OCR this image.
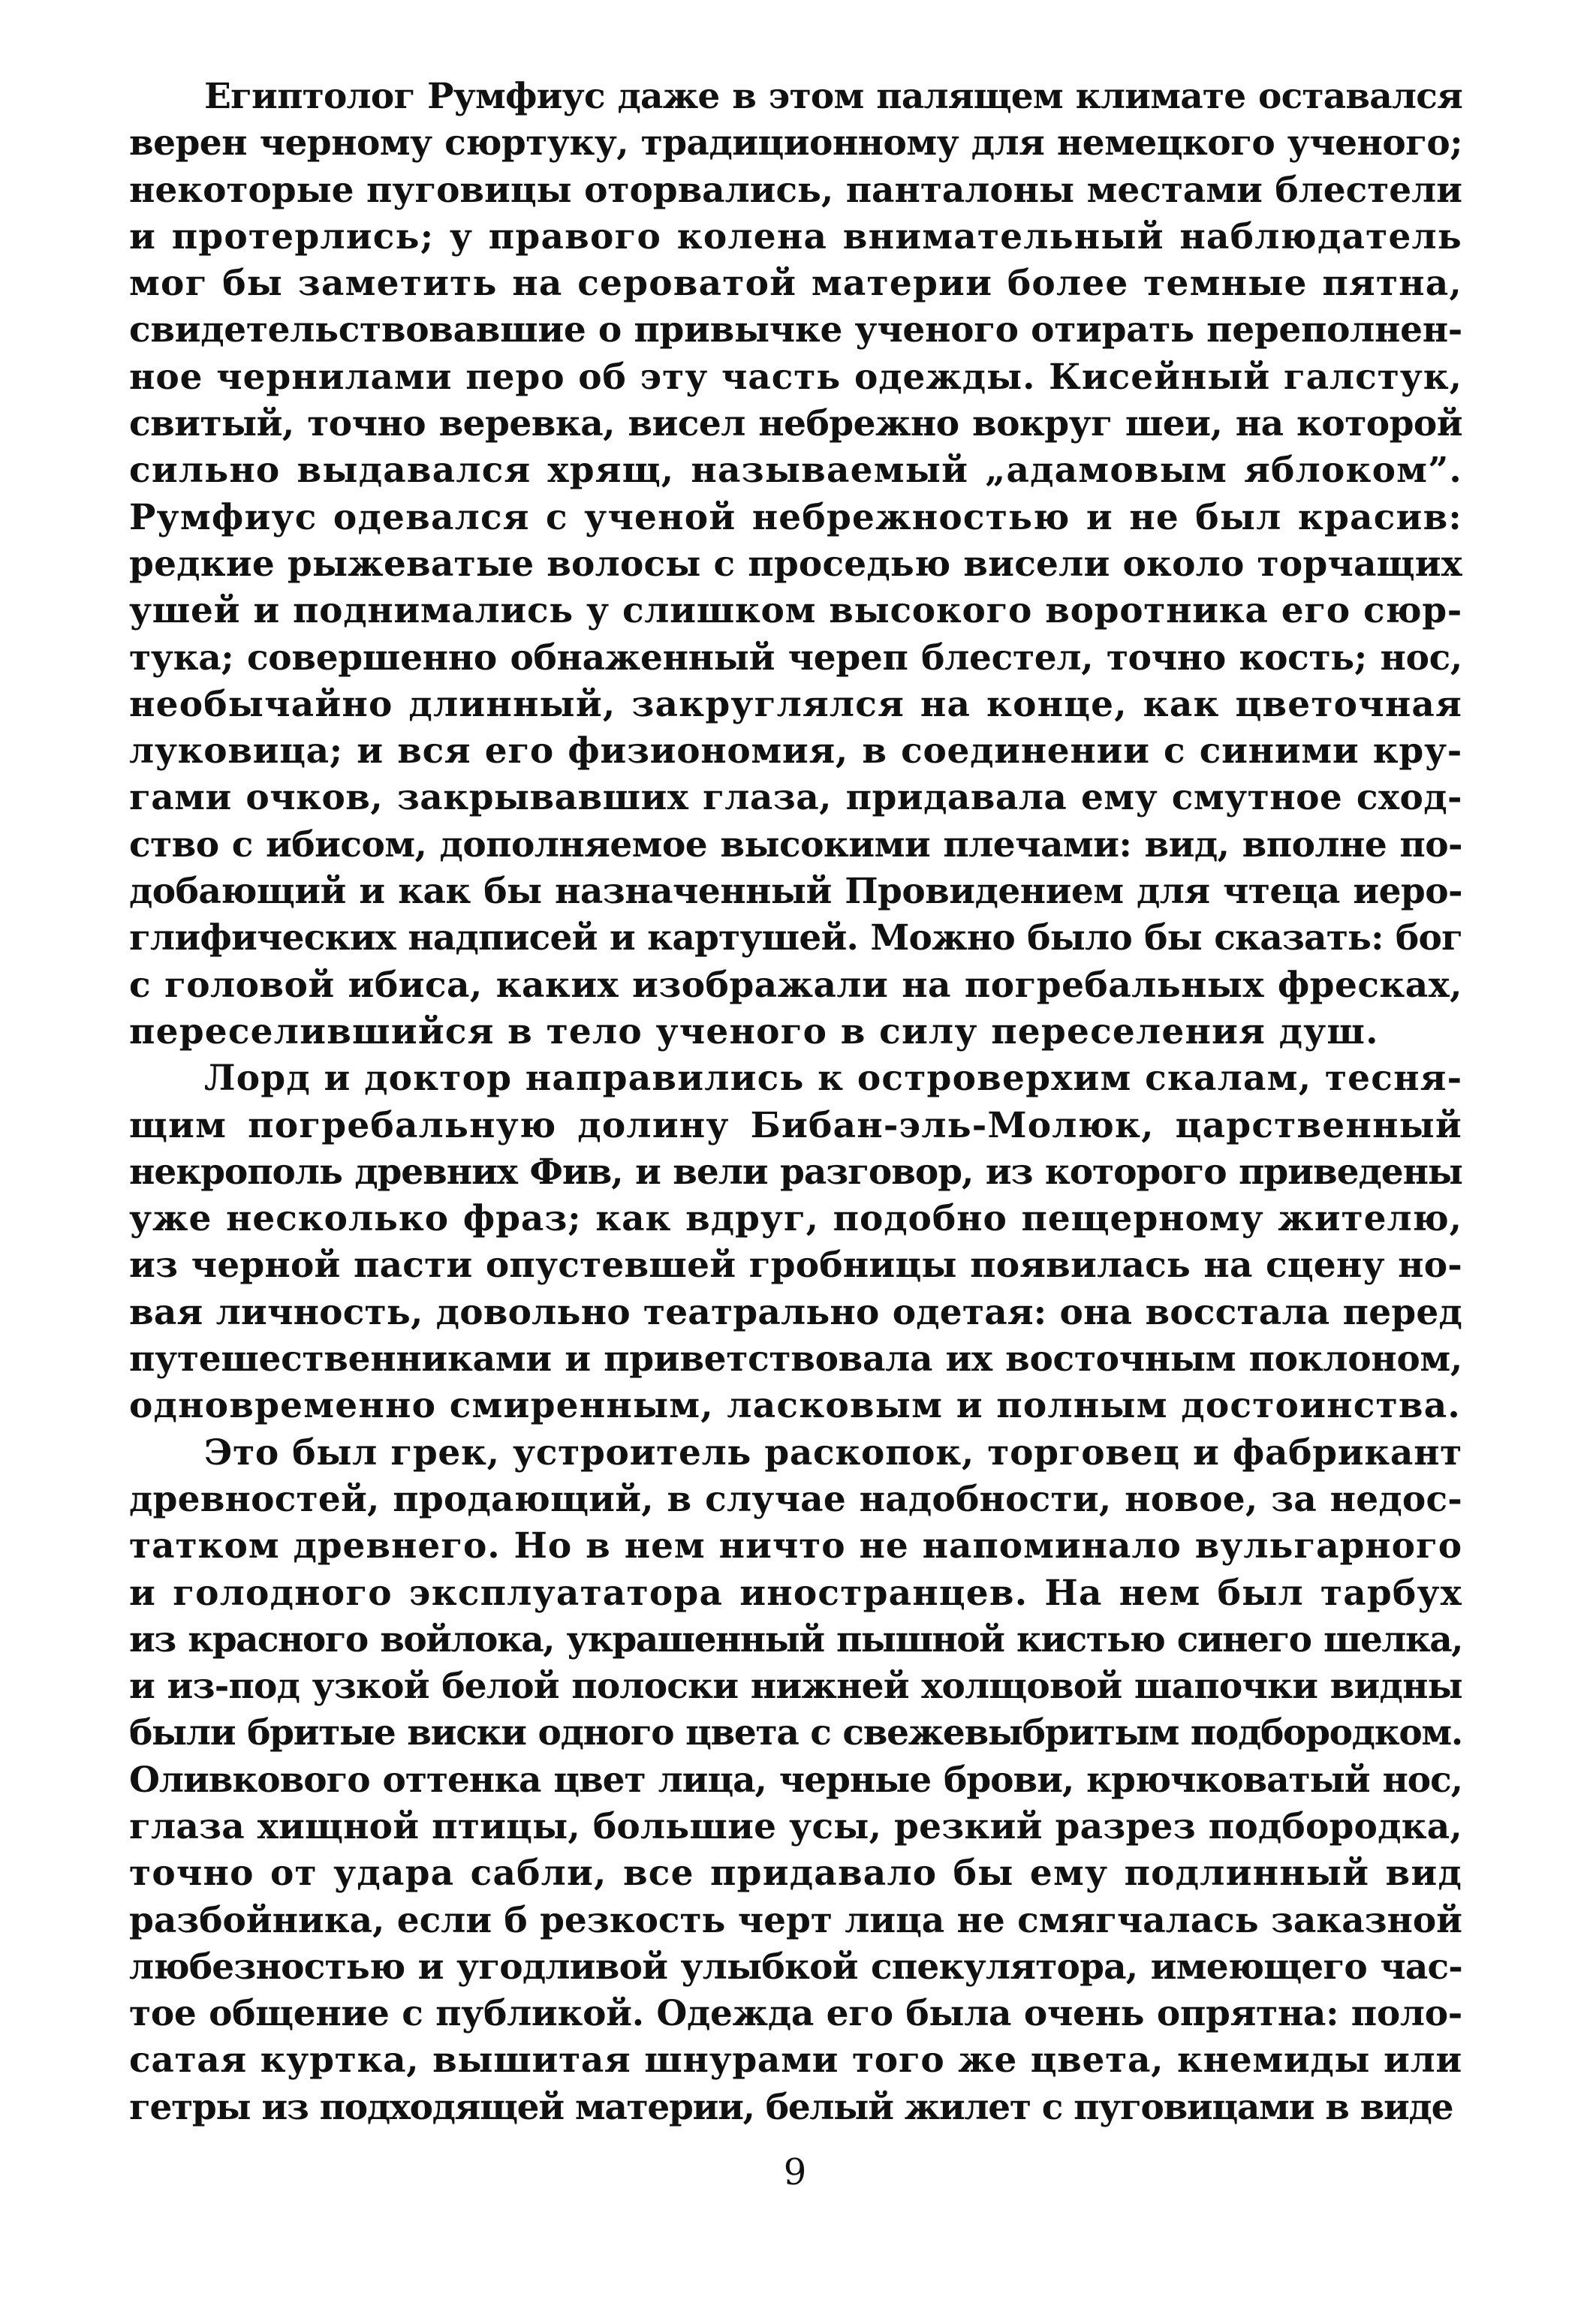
Египтолог Румфиус даже в этом палящем климате оставался
верен черному сюртуку, традиционному для немецкого ученого;
некоторые пуговицы оторвались, панталоны местами блестели
и протерлись; у правого колена внимательный наблюдатель
мог бы заметить на сероватой материи более темные пятна,
свидетельствовавшие о привычке ученого отирать переполнен-
ное чернилами перо об эту часть одежды. Кисейный галстук,
свитый, точно веревка, висел небрежно вокруг шеи, на которой
сильно выдавался хрящ, называемый „адамовым яблоком”.
Румфиус одевался с ученой небрежностью и не был красив:
редкие рыжеватые волосы с проседью висели около торчащих
ушей и поднимались у слишком высокого воротника его сюр-
тука; совершенно обнаженный череп блестел, точно кость; нос,
необычайно длинный, закруглялся на конце, как цветочная
луковица; и вся его физиономия, в соединении с синими кру-
гами очков, закрывавших глаза, придавала ему смутное сход-
ство с ибисом, дополняемое высокими плечами: вид, вполне по-
добающий и как бы назначенный Провидением для чтеца иеро-
глифических надписей и картушей. Можно было бы сказать: бог
с головой ибиса, каких изображали на погребальных фресках,
переселившийся в тело ученого в силу переселения душ.
Лорд и доктор направились к островерхим скалам, тесня-
щим погребальную долину Бибан-эль-Молюк, царственный
некрополь древних Фив, и вели разговор, из которого приведены
уже несколько фраз; как вдруг, подобно пещерному жителю,
из черной пасти опустевшей гробницы появилась на сцену но-
вая личность, довольно театрально одетая: она восстала перед
путешественниками и приветствовала их восточным поклоном,
одновременно смиренным, ласковым и полным достоинства.
Это был грек, устроитель раскопок, торговец и фабрикант
древностей, продающий, в случае надобности, новое, за недос-
татком древнего. Но в нем ничто не напоминало вульгарного
и голодного эксплуататора иностранцев. На нем был тарбух
из красного войлока, украшенный пышной кистью синего шелка,
и из-под узкой белой полоски нижней холщовой шапочки видны
были бритые виски одного цвета с свежевыбритым подбородком.
Оливкового оттенка цвет лица, черные брови, крючковатый нос,
глаза хищной птицы, большие усы, резкий разрез подбородка,
точно от удара сабли, все придавало бы ему подлинный вид
разбойника, если б резкость черт лица не смягчалась заказной
любезностью и угодливой улыбкой спекулятора, имеющего час-
тое общение с публикой. Одежда его была очень опрятна: поло-
сатая куртка, вышитая шнурами того же цвета, кнемиды или
гетры из подходящей материи, белый жилет с пуговицами в виде
9
